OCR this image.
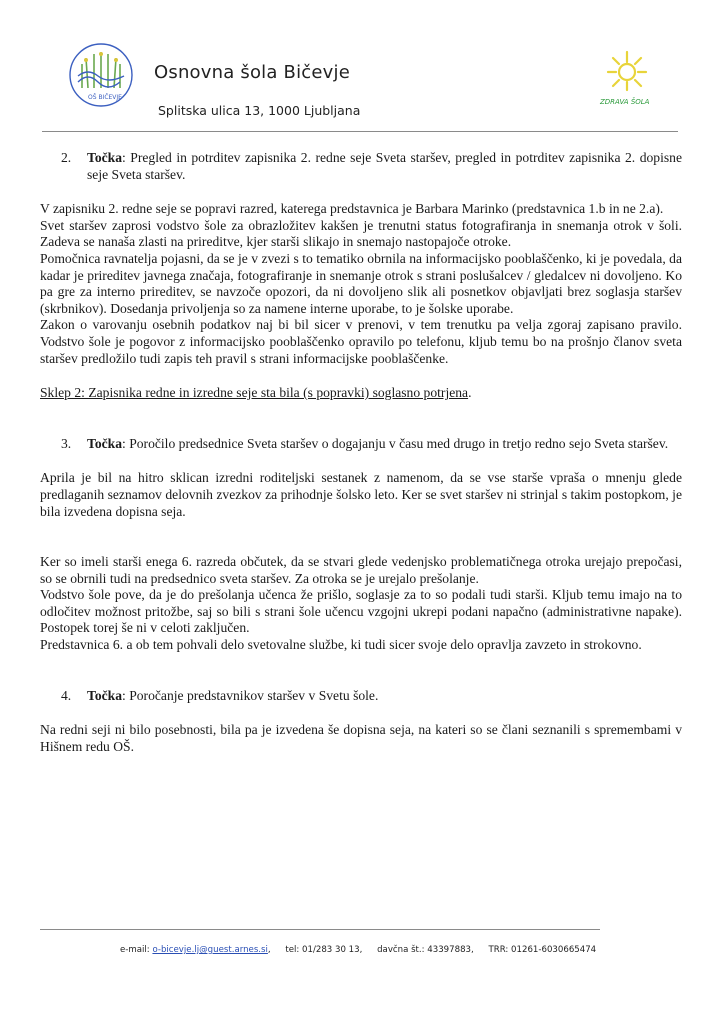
OŠ BIČEVJE
Osnovna šola Bičevje
Splitska ulica 13, 1000 Ljubljana
ZDRAVA ŠOLA
2.	Točka: Pregled in potrditev zapisnika 2. redne seje Sveta staršev, pregled in potrditev zapisnika 2. dopisne seje Sveta staršev.

V zapisniku 2. redne seje se popravi razred, katerega predstavnica je Barbara Marinko (predstavnica 1.b in ne 2.a).

Svet staršev zaprosi vodstvo šole za obrazložitev kakšen je trenutni status fotografiranja in snemanja otrok v šoli. Zadeva se nanaša zlasti na prireditve, kjer starši slikajo in snemajo nastopajoče otroke.

Pomočnica ravnatelja pojasni, da se je v zvezi s to tematiko obrnila na informacijsko pooblaščenko, ki je povedala, da kadar je prireditev javnega značaja, fotografiranje in snemanje otrok s strani poslušalcev / gledalcev ni dovoljeno. Ko pa gre za interno prireditev, se navzoče opozori, da ni dovoljeno slik ali posnetkov objavljati brez soglasja staršev (skrbnikov). Dosedanja privoljenja so za namene interne uporabe, to je šolske uporabe.

Zakon o varovanju osebnih podatkov naj bi bil sicer v prenovi, v tem trenutku pa velja zgoraj zapisano pravilo. Vodstvo šole je pogovor z informacijsko pooblaščenko opravilo po telefonu, kljub temu bo na prošnjo članov sveta staršev predložilo tudi zapis teh pravil s strani informacijske pooblaščenke.

Sklep 2: Zapisnika redne in izredne seje sta bila (s popravki) soglasno potrjena.

3.	Točka: Poročilo predsednice Sveta staršev o dogajanju v času med drugo in tretjo redno sejo Sveta staršev.

Aprila je bil na hitro sklican izredni roditeljski sestanek z namenom, da se vse starše vpraša o mnenju glede predlaganih seznamov delovnih zvezkov za prihodnje šolsko leto. Ker se svet staršev ni strinjal s takim postopkom, je bila izvedena dopisna seja.

Ker so imeli starši enega 6. razreda občutek, da se stvari glede vedenjsko problematičnega otroka urejajo prepočasi, so se obrnili tudi na predsednico sveta staršev. Za otroka se je urejalo prešolanje.

Vodstvo šole pove, da je do prešolanja učenca že prišlo, soglasje za to so podali tudi starši. Kljub temu imajo na to odločitev možnost pritožbe, saj so bili s strani šole učencu vzgojni ukrepi podani napačno (administrativne napake). Postopek torej še ni v celoti zaključen.

Predstavnica 6. a ob tem pohvali delo svetovalne službe, ki tudi sicer svoje delo opravlja zavzeto in strokovno.

4.	Točka: Poročanje predstavnikov staršev v Svetu šole.

Na redni seji ni bilo posebnosti, bila pa je izvedena še dopisna seja, na kateri so se člani seznanili s spremembami v Hišnem redu OŠ.

e-mail: o-bicevje.lj@guest.arnes.si, tel: 01/283 30 13, davčna št.: 43397883, TRR: 01261-6030665474
